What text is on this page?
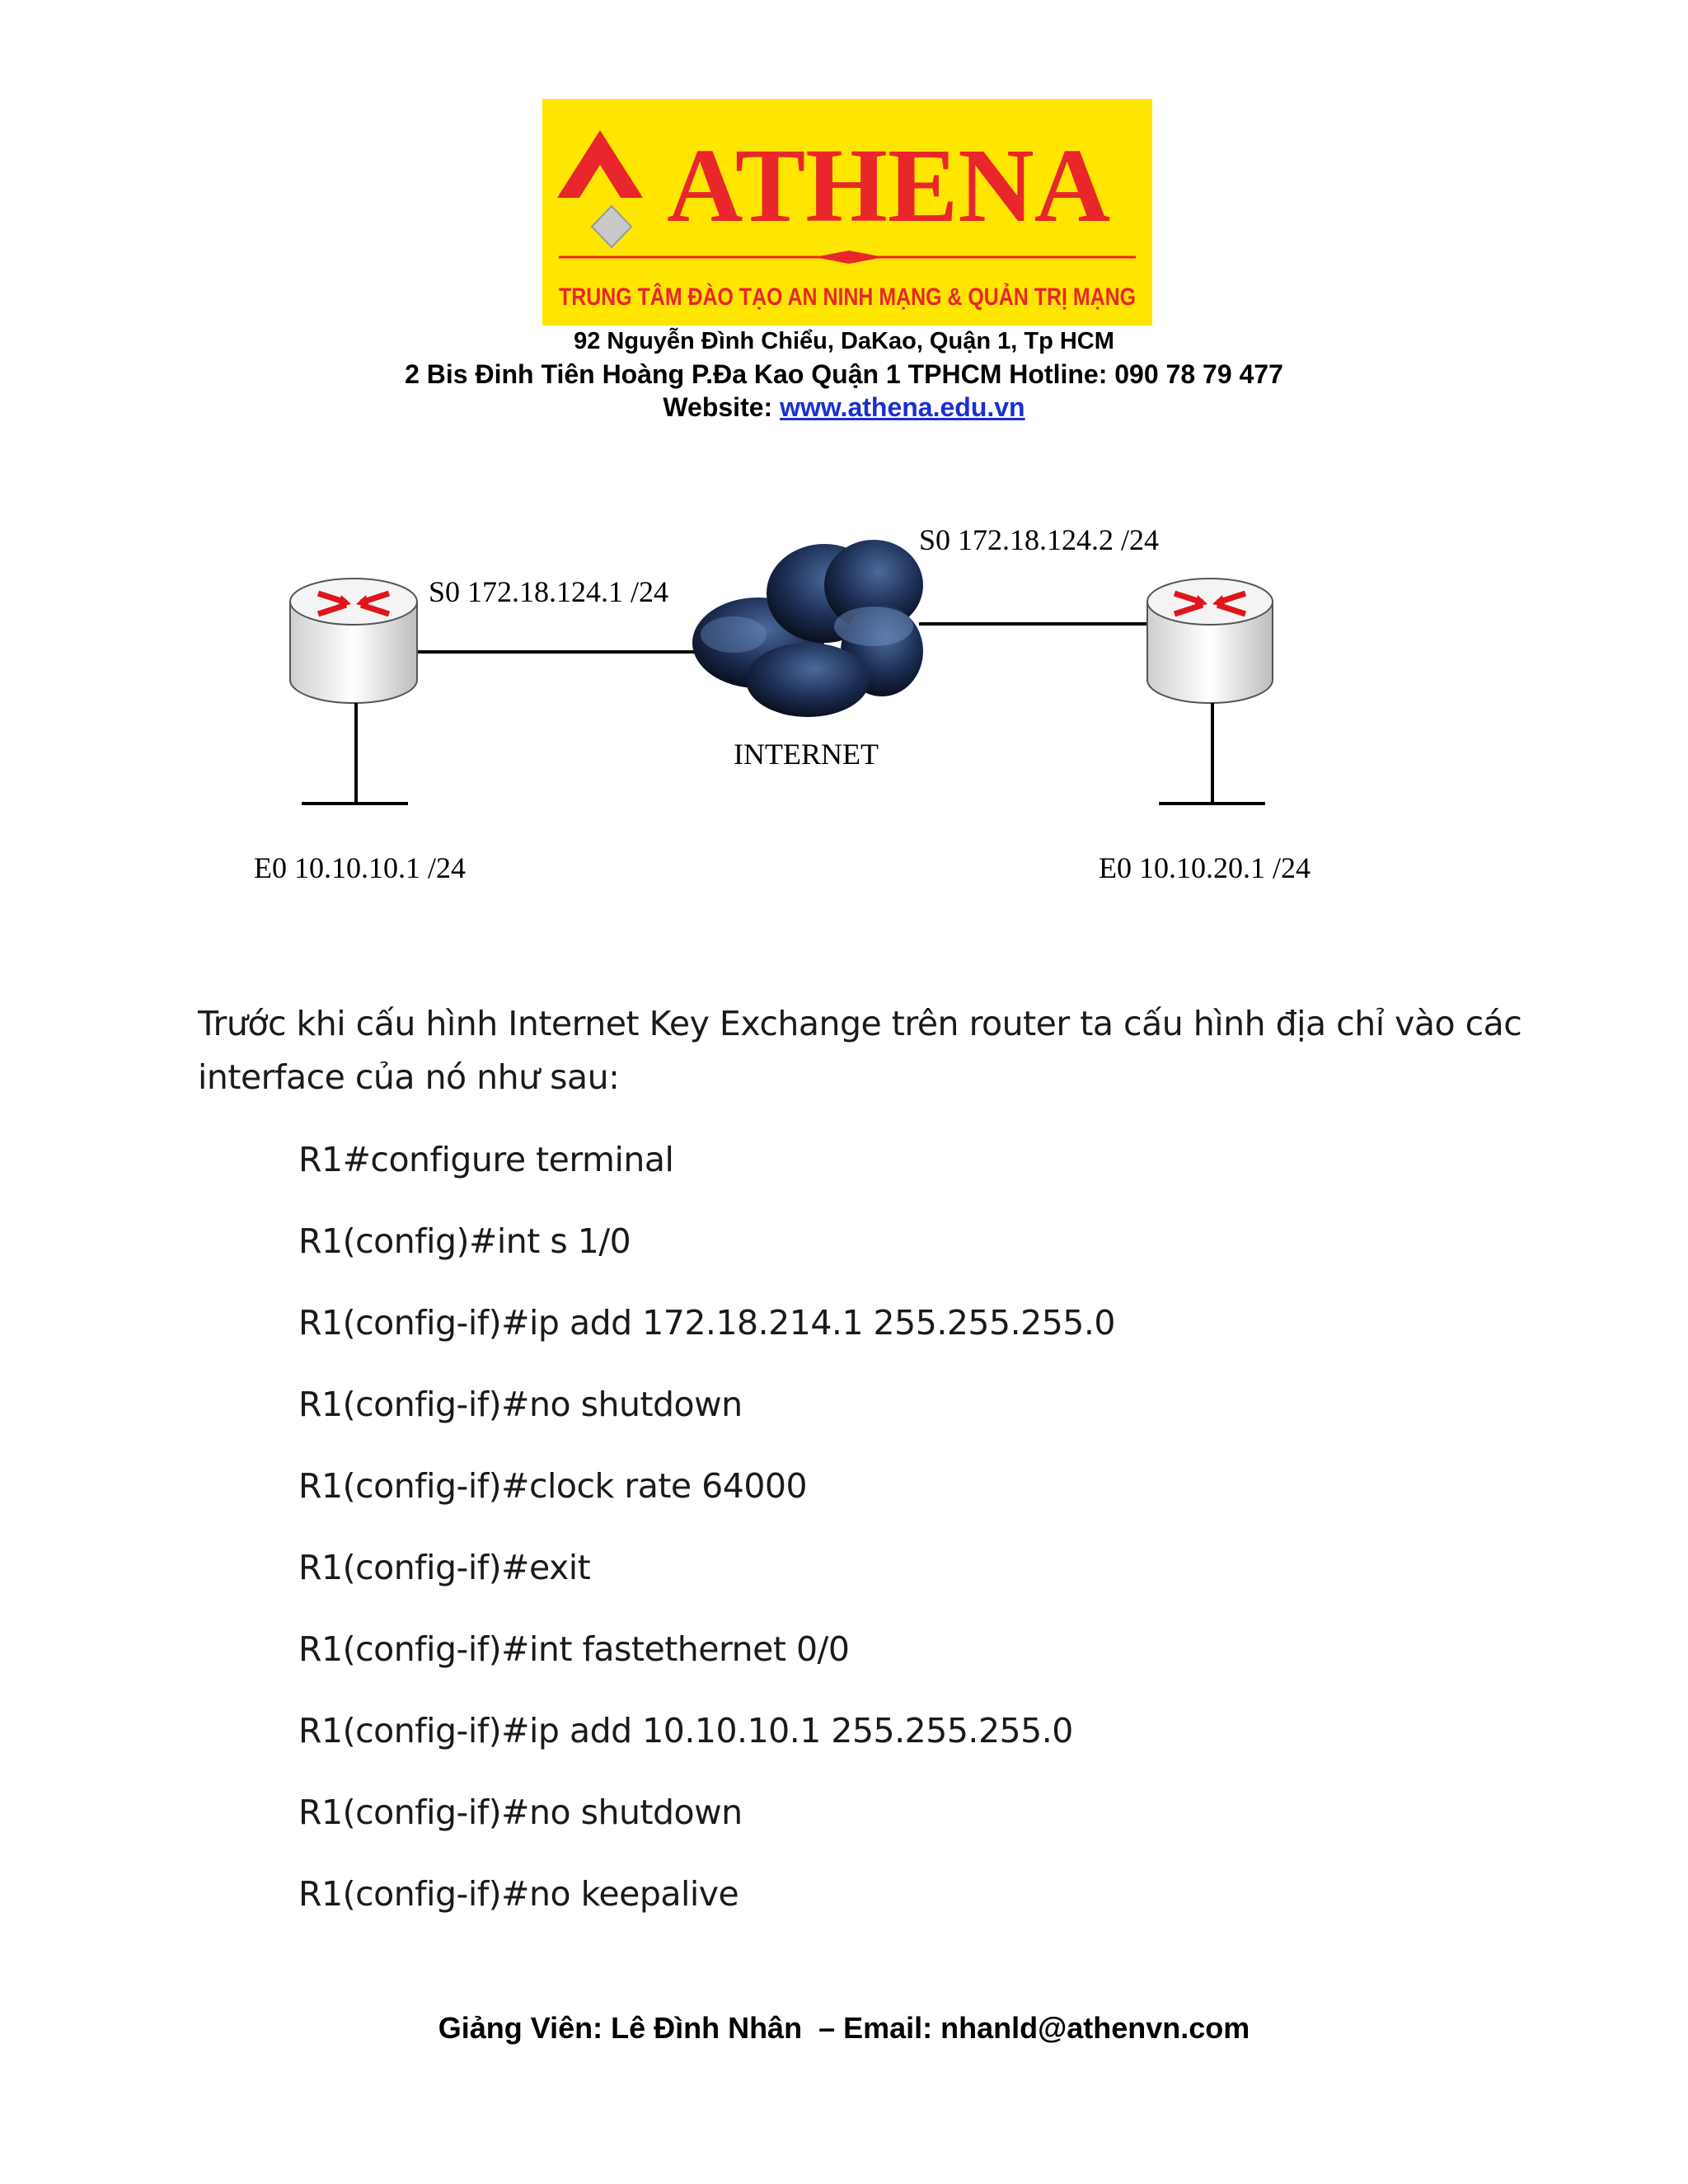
ATHENA
TRUNG TÂM ĐÀO TẠO AN NINH MẠNG & QUẢN TRỊ MẠNG
92 Nguyễn Đình Chiểu, DaKao, Quận 1, Tp HCM
2 Bis Đinh Tiên Hoàng P.Đa Kao Quận 1 TPHCM Hotline: 090 78 79 477
Website: www.athena.edu.vn
S0 172.18.124.1 /24
S0 172.18.124.2 /24
INTERNET
E0 10.10.10.1 /24	E0 10.10.20.1 /24
Trước khi cấu hình Internet Key Exchange trên router ta cấu hình địa chỉ vào các
interface của nó như sau:
R1#configure terminal
R1(config)#int s 1/0
R1(config-if)#ip add 172.18.214.1 255.255.255.0
R1(config-if)#no shutdown
R1(config-if)#clock rate 64000
R1(config-if)#exit
R1(config-if)#int fastethernet 0/0
R1(config-if)#ip add 10.10.10.1 255.255.255.0
R1(config-if)#no shutdown
R1(config-if)#no keepalive
Giảng Viên: Lê Đình Nhân  – Email: nhanld@athenvn.com
